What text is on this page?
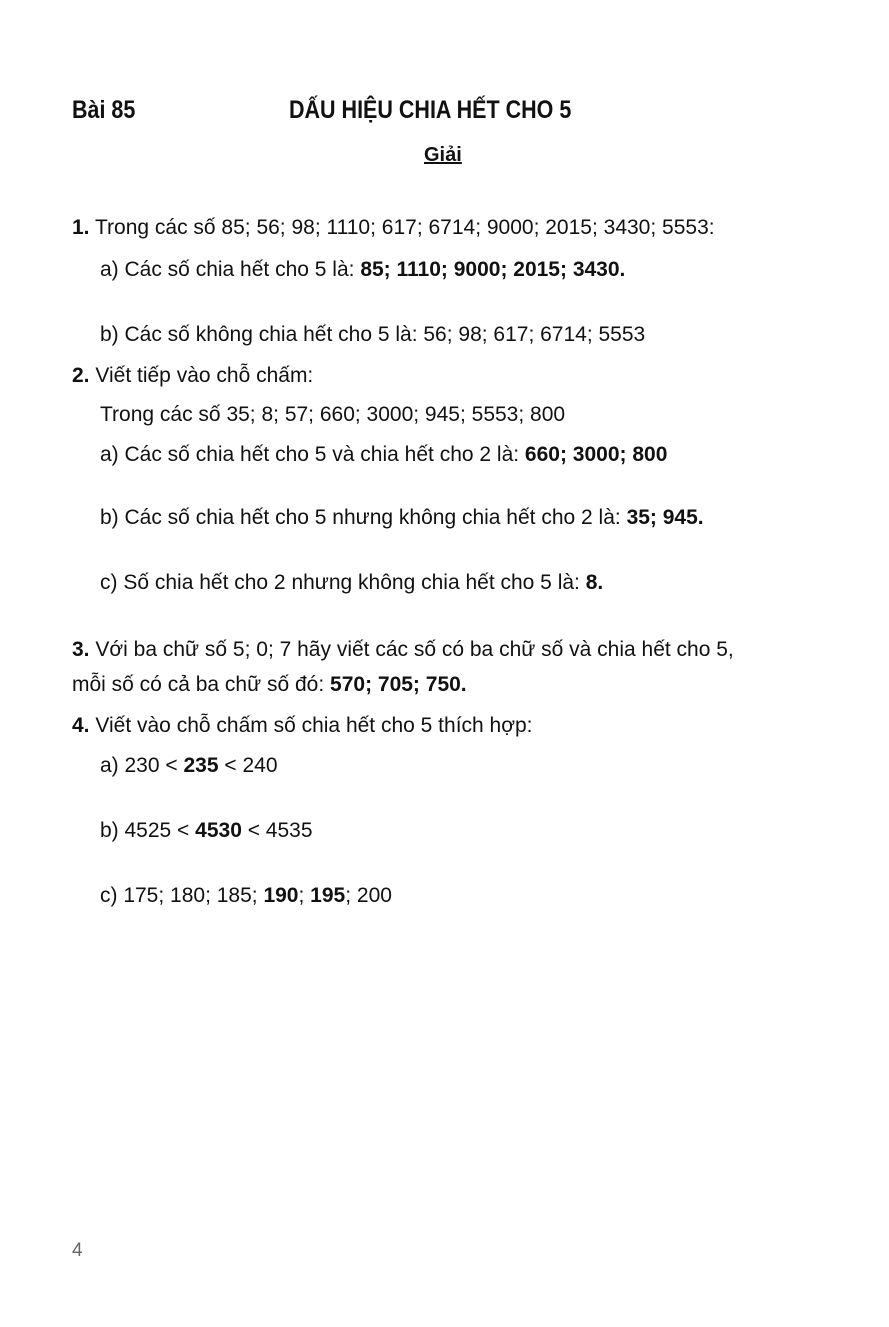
Bài 85	DẤU HIỆU CHIA HẾT CHO 5
Giải
1. Trong các số 85; 56; 98; 1110; 617; 6714; 9000; 2015; 3430; 5553:
a) Các số chia hết cho 5 là: 85; 1110; 9000; 2015; 3430.
b) Các số không chia hết cho 5 là: 56; 98; 617; 6714; 5553
2. Viết tiếp vào chỗ chấm:
Trong các số 35; 8; 57; 660; 3000; 945; 5553; 800
a) Các số chia hết cho 5 và chia hết cho 2 là: 660; 3000; 800
b) Các số chia hết cho 5 nhưng không chia hết cho 2 là: 35; 945.
c) Số chia hết cho 2 nhưng không chia hết cho 5 là: 8.
3. Với ba chữ số 5; 0; 7 hãy viết các số có ba chữ số và chia hết cho 5,
mỗi số có cả ba chữ số đó: 570; 705; 750.
4. Viết vào chỗ chấm số chia hết cho 5 thích hợp:
a) 230 < 235 < 240
b) 4525 < 4530 < 4535
c) 175; 180; 185; 190; 195; 200
4
